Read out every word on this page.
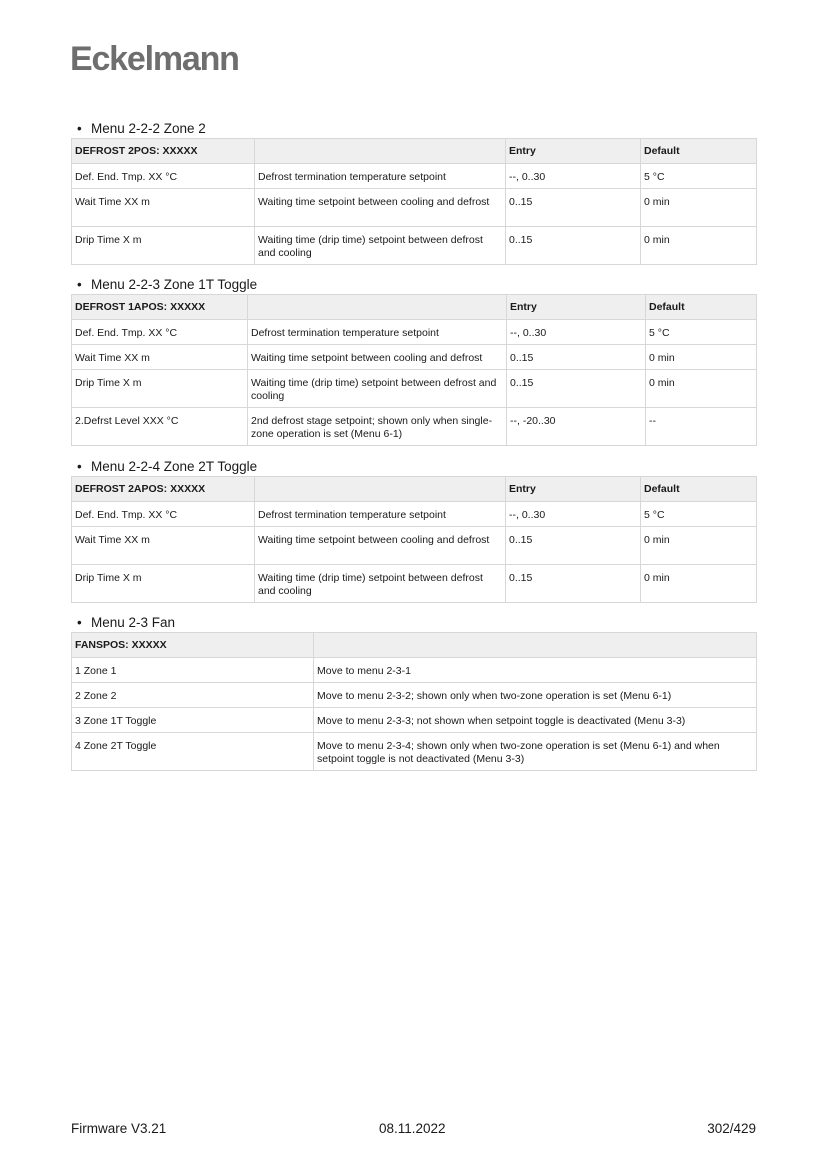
Eckelmann
• Menu 2-2-2 Zone 2
DEFROST 2POS: XXXXX		Entry	Default
Def. End. Tmp. XX °C	Defrost termination temperature setpoint	--, 0..30	5 °C
Wait Time XX m	Waiting time setpoint between cooling and defrost	0..15	0 min
Drip Time X m	Waiting time (drip time) setpoint between defrost and cooling	0..15	0 min
• Menu 2-2-3 Zone 1T Toggle
DEFROST 1APOS: XXXXX		Entry	Default
Def. End. Tmp. XX °C	Defrost termination temperature setpoint	--, 0..30	5 °C
Wait Time XX m	Waiting time setpoint between cooling and defrost	0..15	0 min
Drip Time X m	Waiting time (drip time) setpoint between defrost and cooling	0..15	0 min
2.Defrst Level XXX °C	2nd defrost stage setpoint; shown only when single-zone operation is set (Menu 6-1)	--, -20..30	--
• Menu 2-2-4 Zone 2T Toggle
DEFROST 2APOS: XXXXX		Entry	Default
Def. End. Tmp. XX °C	Defrost termination temperature setpoint	--, 0..30	5 °C
Wait Time XX m	Waiting time setpoint between cooling and defrost	0..15	0 min
Drip Time X m	Waiting time (drip time) setpoint between defrost and cooling	0..15	0 min
• Menu 2-3 Fan
FANSPOS: XXXXX	
1 Zone 1	Move to menu 2-3-1
2 Zone 2	Move to menu 2-3-2; shown only when two-zone operation is set (Menu 6-1)
3 Zone 1T Toggle	Move to menu 2-3-3; not shown when setpoint toggle is deactivated (Menu 3-3)
4 Zone 2T Toggle	Move to menu 2-3-4; shown only when two-zone operation is set (Menu 6-1) and when setpoint toggle is not deactivated (Menu 3-3)
Firmware V3.21	08.11.2022	302/429
